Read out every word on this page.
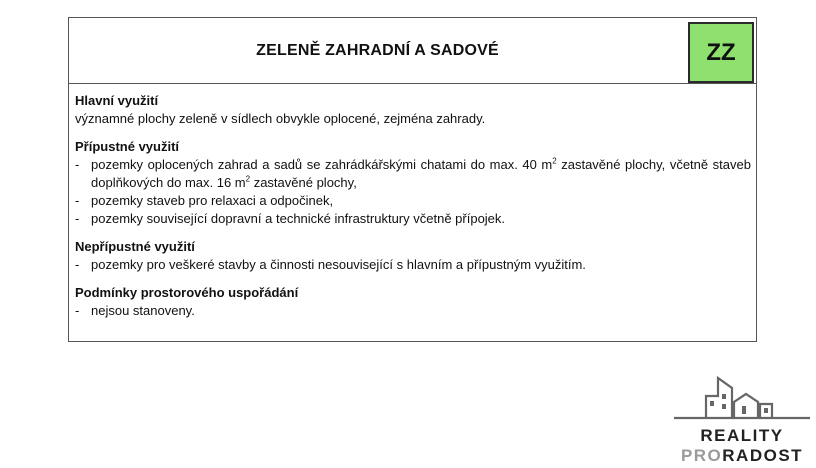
ZELENĚ ZAHRADNÍ A SADOVÉ	ZZ
Hlavní využití
významné plochy zeleně v sídlech obvykle oplocené, zejména zahrady.
Přípustné využití
- pozemky oplocených zahrad a sadů se zahrádkářskými chatami do max. 40 $m^2$ zastavěné plochy, včetně staveb doplňkových do max. 16 $m^2$ zastavěné plochy,
- pozemky staveb pro relaxaci a odpočinek,
- pozemky související dopravní a technické infrastruktury včetně přípojek.
Nepřípustné využití
- pozemky pro veškeré stavby a činnosti nesouvisející s hlavním a přípustným využitím.
Podmínky prostorového uspořádání
- nejsou stanoveny.
REALITY
PRORADOST
